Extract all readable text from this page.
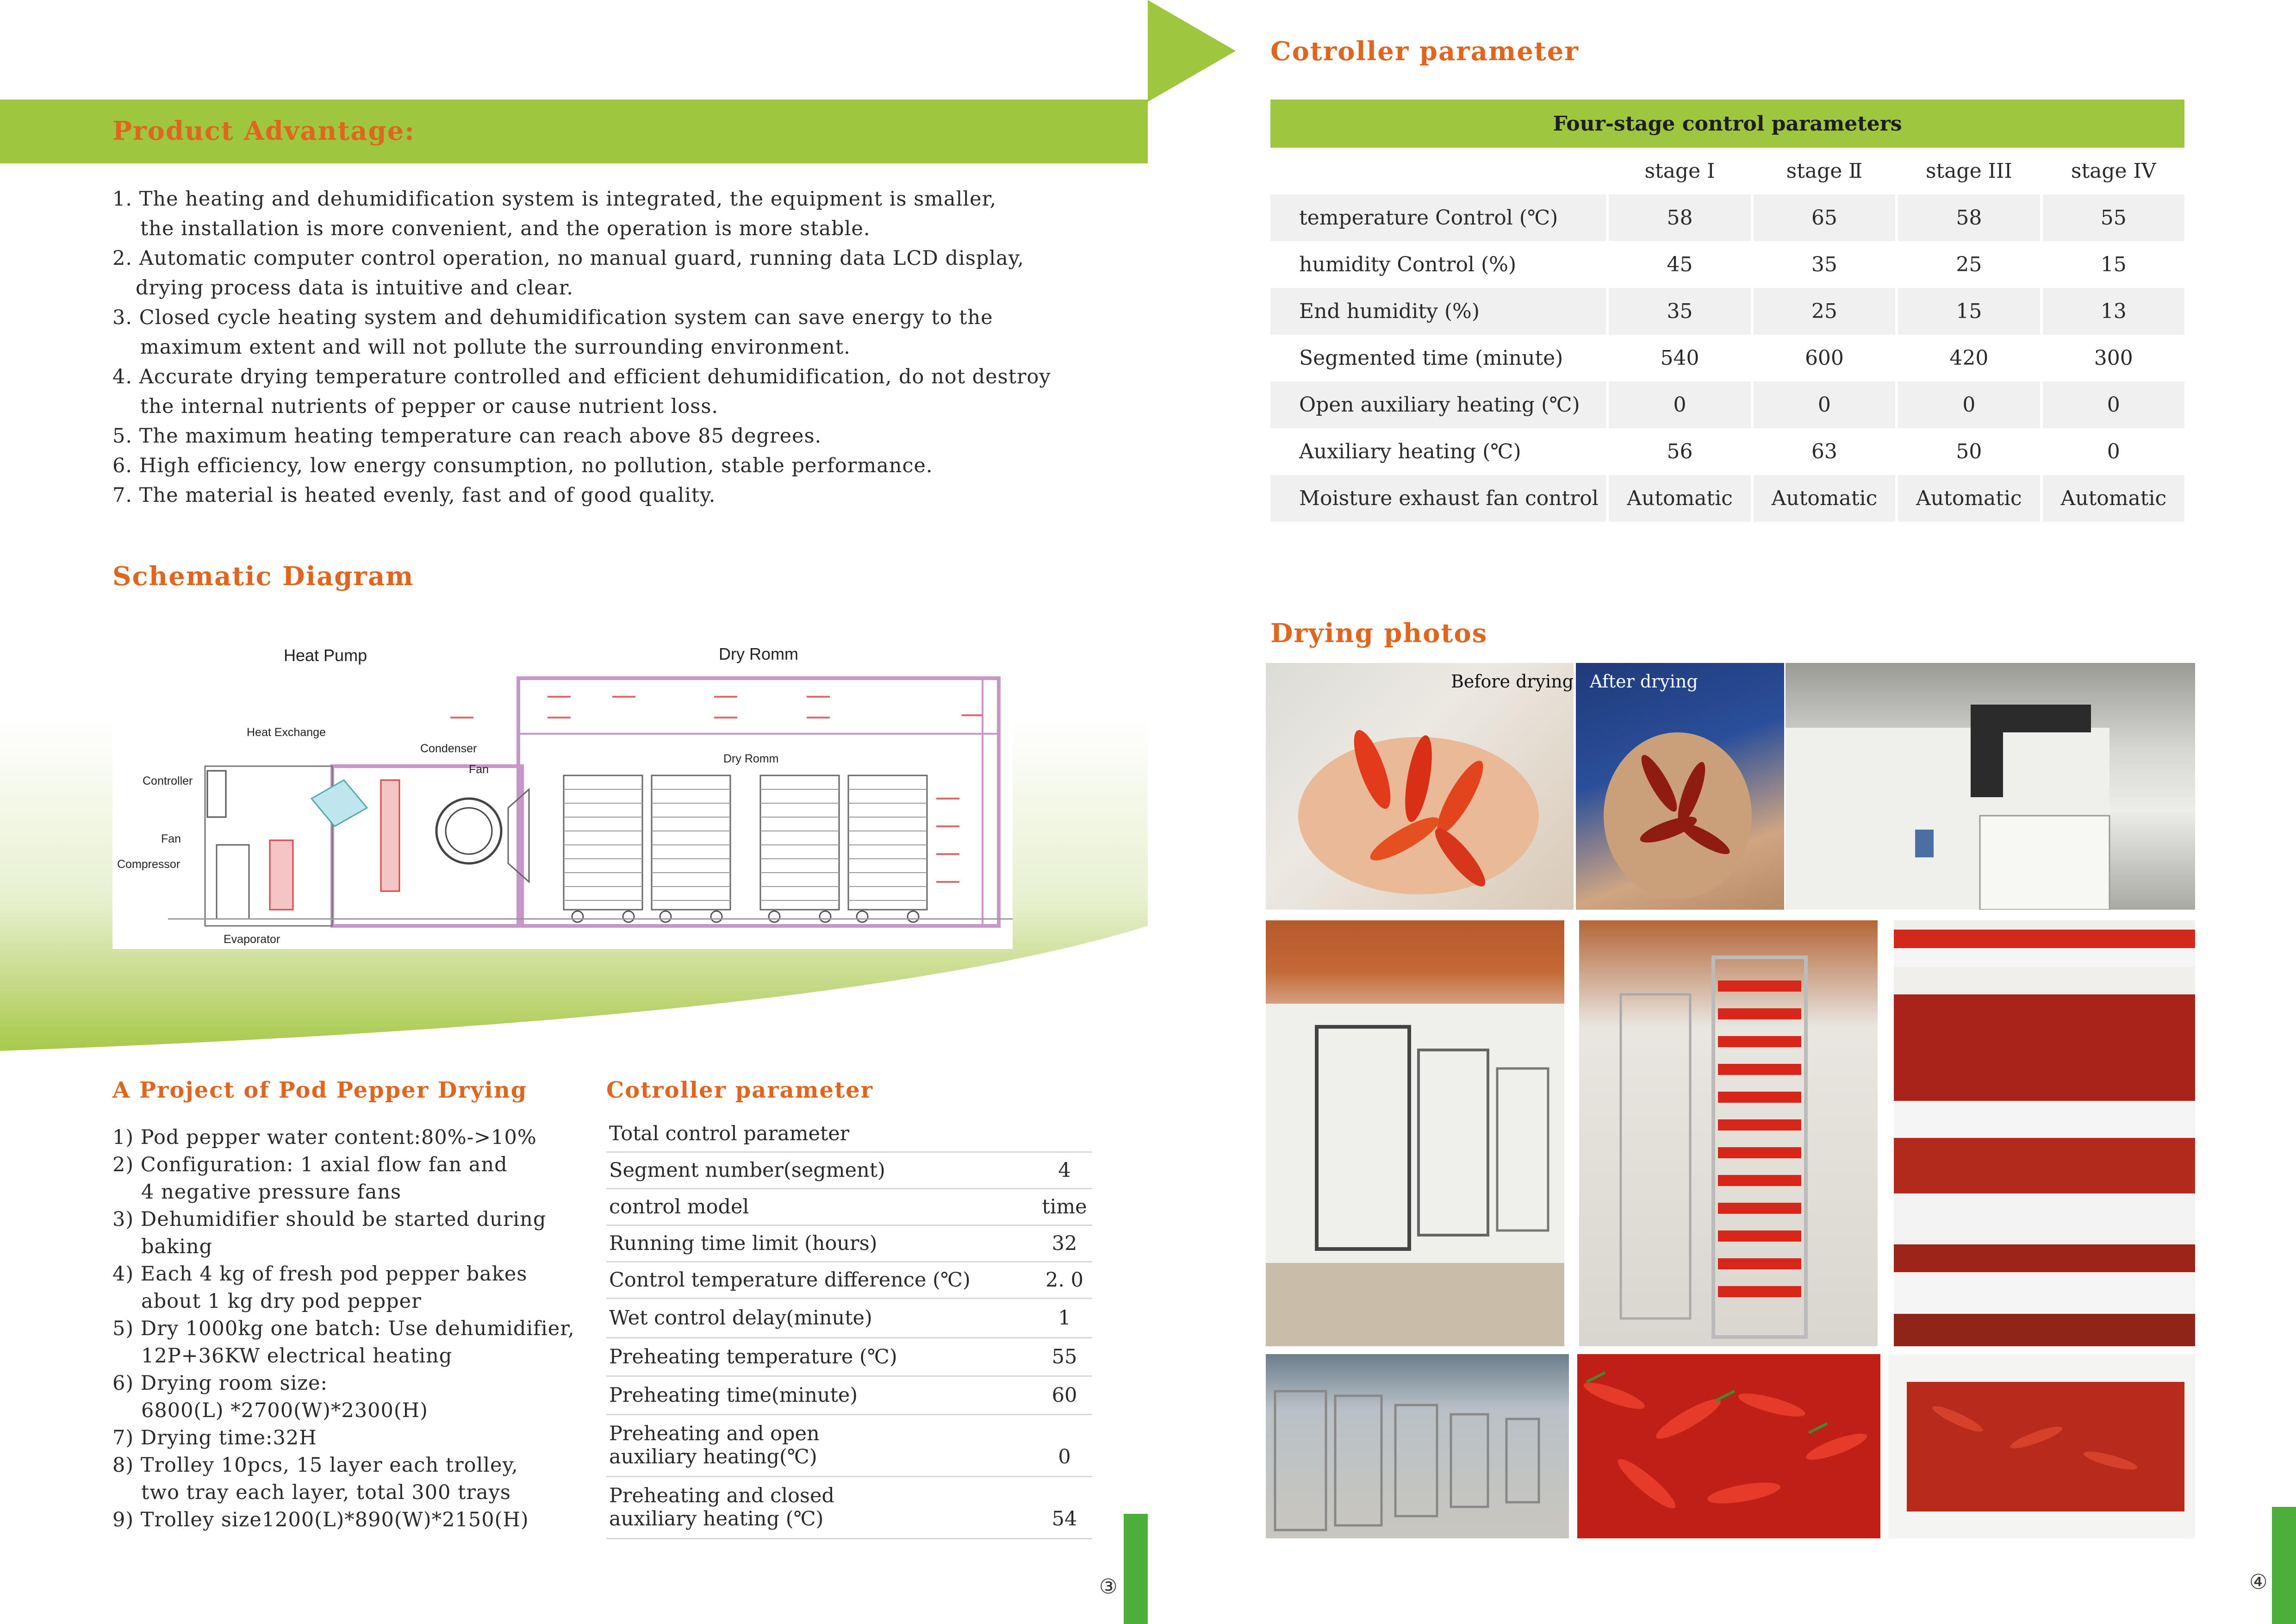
Product Advantage:
1. The heating and dehumidification system is integrated, the equipment is smaller,
the installation is more convenient, and the operation is more stable.
2. Automatic computer control operation, no manual guard, running data LCD display,
drying process data is intuitive and clear.
3. Closed cycle heating system and dehumidification system can save energy to the
maximum extent and will not pollute the surrounding environment.
4. Accurate drying temperature controlled and efficient dehumidification, do not destroy
the internal nutrients of pepper or cause nutrient loss.
5. The maximum heating temperature can reach above 85 degrees.
6. High efficiency, low energy consumption, no pollution, stable performance.
7. The material is heated evenly, fast and of good quality.
Schematic Diagram
Heat Pump	Dry Romm
Heat Exchange
Condenser
Fan
Dry Romm
Controller
Fan
Compressor
Evaporator
A Project of Pod Pepper Drying
1) Pod pepper water content:80%->10%
2) Configuration: 1 axial flow fan and
4 negative pressure fans
3) Dehumidifier should be started during
baking
4) Each 4 kg of fresh pod pepper bakes
about 1 kg dry pod pepper
5) Dry 1000kg one batch: Use dehumidifier,
12P+36KW electrical heating
6) Drying room size:
6800(L) *2700(W)*2300(H)
7) Drying time:32H
8) Trolley 10pcs, 15 layer each trolley,
two tray each layer, total 300 trays
9) Trolley size1200(L)*890(W)*2150(H)
Cotroller parameter
Total control parameter	
Segment number(segment)	4
control model	time
Running time limit (hours)	32
Control temperature difference (℃)	2. 0
Wet control delay(minute)	1
Preheating temperature (℃)	55
Preheating time(minute)	60

Preheating and open
auxiliary heating(℃)	0

Preheating and closed
auxiliary heating (℃)	54
③
Cotroller parameter
Four-stage control parameters				
	stage Ⅰ	stage Ⅱ	stage III	stage IV
temperature Control (℃)	58	65	58	55
humidity Control (%)	45	35	25	15
End humidity (%)	35	25	15	13
Segmented time (minute)	540	600	420	300
Open auxiliary heating (℃)	0	0	0	0
Auxiliary heating (℃)	56	63	50	0
Moisture exhaust fan control	Automatic	Automatic	Automatic	Automatic
Drying photos
Before drying After drying
④
